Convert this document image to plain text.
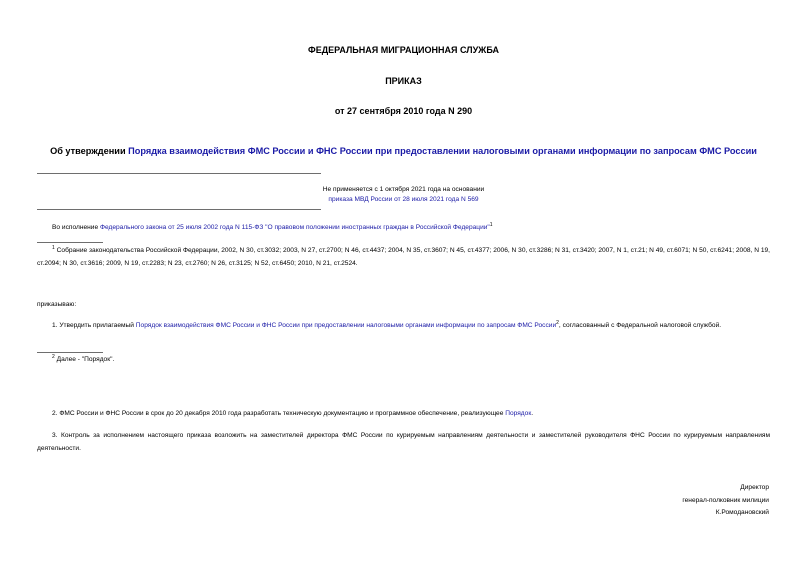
ФЕДЕРАЛЬНАЯ МИГРАЦИОННАЯ СЛУЖБА
ПРИКАЗ
от 27 сентября 2010 года N 290
Об утверждении Порядка взаимодействия ФМС России и ФНС России при предоставлении налоговыми органами информации по запросам ФМС России
Не применяется с 1 октября 2021 года на основании
приказа МВД России от 28 июля 2021 года N 569
Во исполнение Федерального закона от 25 июля 2002 года N 115-ФЗ "О правовом положении иностранных граждан в Российской Федерации"$^1$
$^1$ Собрание законодательства Российской Федерации, 2002, N 30, ст.3032; 2003, N 27, ст.2700; N 46, ст.4437; 2004, N 35, ст.3607; N 45, ст.4377; 2006, N 30, ст.3286; N 31, ст.3420; 2007, N 1, ст.21; N 49, ст.6071; N 50, ст.6241; 2008, N 19, ст.2094; N 30, ст.3616; 2009, N 19, ст.2283; N 23, ст.2760; N 26, ст.3125; N 52, ст.6450; 2010, N 21, ст.2524.
приказываю:
1. Утвердить прилагаемый Порядок взаимодействия ФМС России и ФНС России при предоставлении налоговыми органами информации по запросам ФМС России$^2$, согласованный с Федеральной налоговой службой.
$^2$ Далее - "Порядок".
2. ФМС России и ФНС России в срок до 20 декабря 2010 года разработать техническую документацию и программное обеспечение, реализующее Порядок.
3. Контроль за исполнением настоящего приказа возложить на заместителей директора ФМС России по курируемым направлениям деятельности и заместителей руководителя ФНС России по курируемым направлениям деятельности.
Директор
генерал-полковник милиции
К.Ромодановский
